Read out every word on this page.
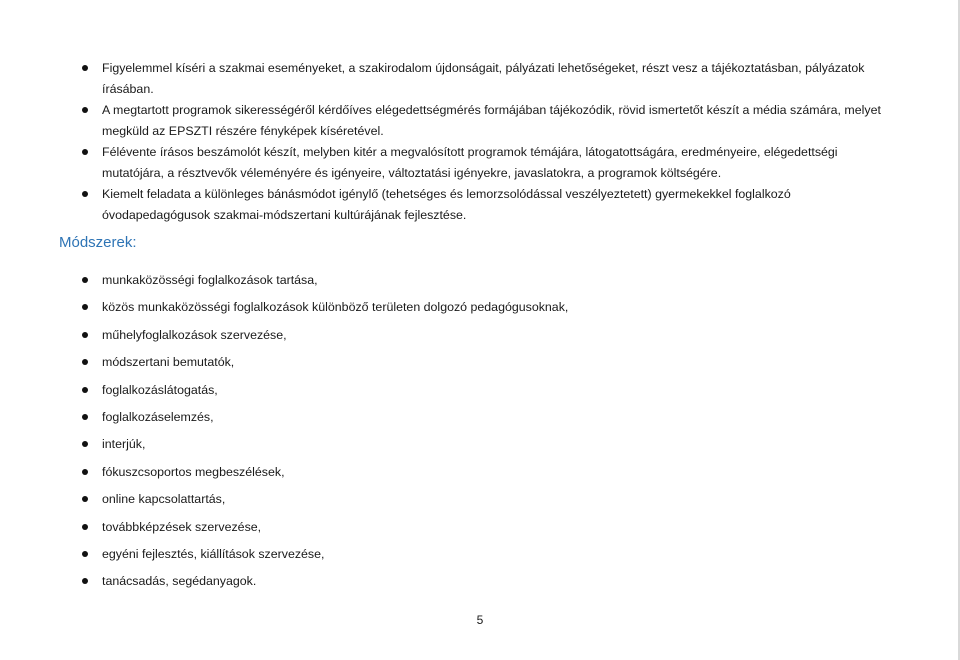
Figyelemmel kíséri a szakmai eseményeket, a szakirodalom újdonságait, pályázati lehetőségeket, részt vesz a tájékoztatásban, pályázatok írásában.
A megtartott programok sikerességéről kérdőíves elégedettségmérés formájában tájékozódik, rövid ismertetőt készít a média számára, melyet megküld az EPSZTI részére fényképek kíséretével.
Félévente írásos beszámolót készít, melyben kitér a megvalósított programok témájára, látogatottságára, eredményeire, elégedettségi mutatójára, a résztvevők véleményére és igényeire, változtatási igényekre, javaslatokra, a programok költségére.
Kiemelt feladata a különleges bánásmódot igénylő (tehetséges és lemorzsolódással veszélyeztetett) gyermekekkel foglalkozó óvodapedagógusok szakmai-módszertani kultúrájának fejlesztése.
Módszerek:
munkaközösségi foglalkozások tartása,
közös munkaközösségi foglalkozások különböző területen dolgozó pedagógusoknak,
műhelyfoglalkozások szervezése,
módszertani bemutatók,
foglalkozáslátogatás,
foglalkozáselemzés,
interjúk,
fókuszcsoportos megbeszélések,
online kapcsolattartás,
továbbképzések szervezése,
egyéni fejlesztés, kiállítások szervezése,
tanácsadás, segédanyagok.
5
